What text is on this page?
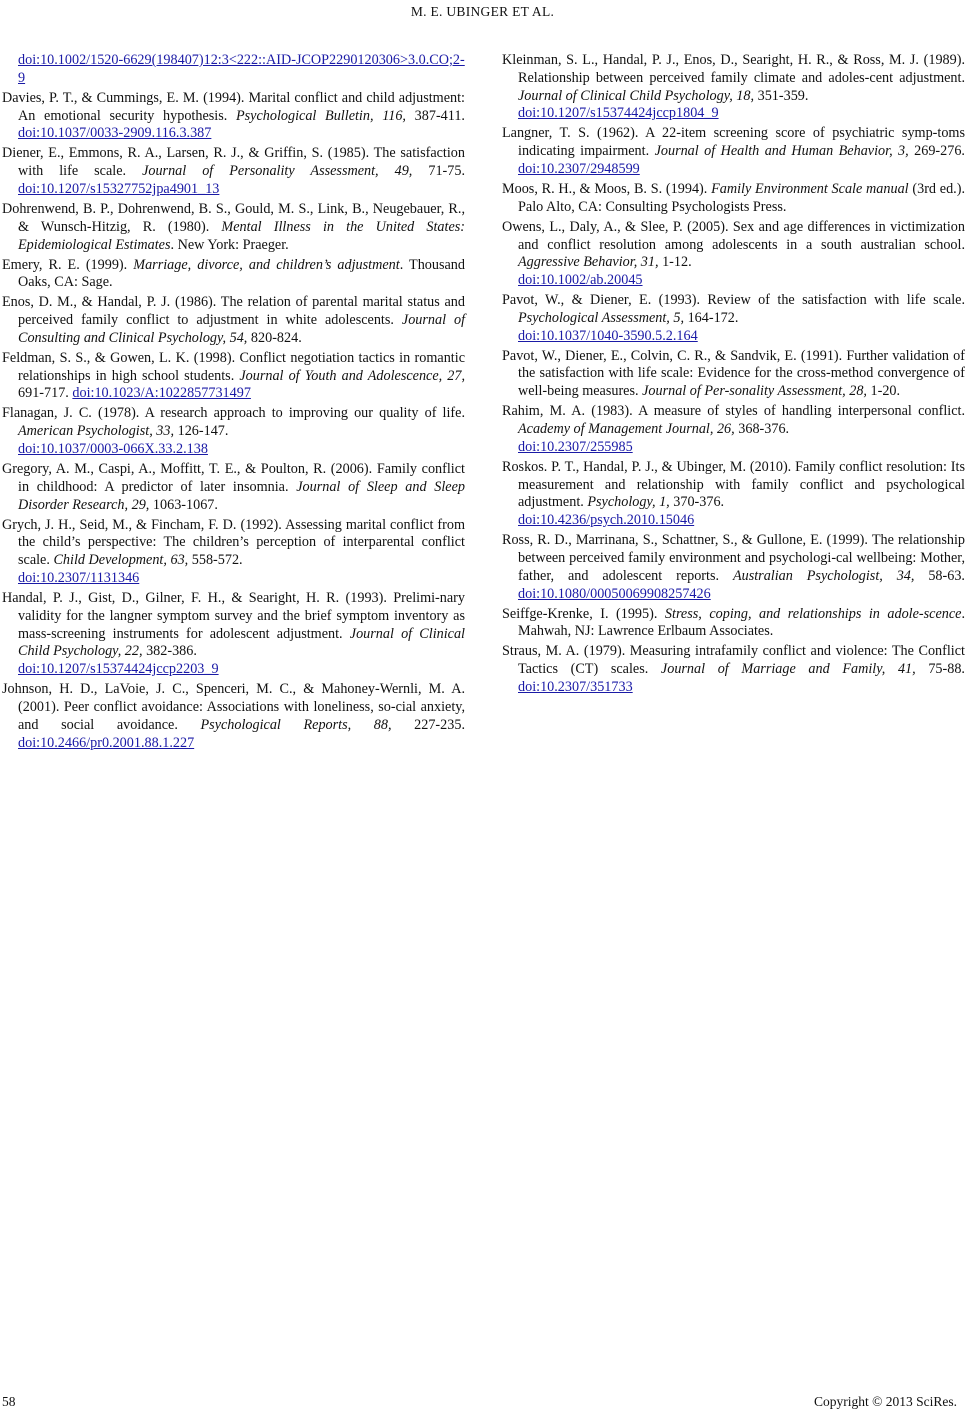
M. E. UBINGER ET AL.

doi:10.1002/1520-6629(198407)12:3<222::AID-JCOP2290120306>3.0.CO;2-9

Davies, P. T., & Cummings, E. M. (1994). Marital conflict and child adjustment: An emotional security hypothesis. Psychological Bulletin, 116, 387-411. doi:10.1037/0033-2909.116.3.387

Diener, E., Emmons, R. A., Larsen, R. J., & Griffin, S. (1985). The satisfaction with life scale. Journal of Personality Assessment, 49, 71-75. doi:10.1207/s15327752jpa4901_13

Dohrenwend, B. P., Dohrenwend, B. S., Gould, M. S., Link, B., Neugebauer, R., & Wunsch-Hitzig, R. (1980). Mental Illness in the United States: Epidemiological Estimates. New York: Praeger.

Emery, R. E. (1999). Marriage, divorce, and children’s adjustment. Thousand Oaks, CA: Sage.

Enos, D. M., & Handal, P. J. (1986). The relation of parental marital status and perceived family conflict to adjustment in white adolescents. Journal of Consulting and Clinical Psychology, 54, 820-824.

Feldman, S. S., & Gowen, L. K. (1998). Conflict negotiation tactics in romantic relationships in high school students. Journal of Youth and Adolescence, 27, 691-717. doi:10.1023/A:1022857731497

Flanagan, J. C. (1978). A research approach to improving our quality of life. American Psychologist, 33, 126-147.
doi:10.1037/0003-066X.33.2.138

Gregory, A. M., Caspi, A., Moffitt, T. E., & Poulton, R. (2006). Family conflict in childhood: A predictor of later insomnia. Journal of Sleep and Sleep Disorder Research, 29, 1063-1067.

Grych, J. H., Seid, M., & Fincham, F. D. (1992). Assessing marital conflict from the child’s perspective: The children’s perception of interparental conflict scale. Child Development, 63, 558-572.
doi:10.2307/1131346

Handal, P. J., Gist, D., Gilner, F. H., & Searight, H. R. (1993). Prelimi-nary validity for the langner symptom survey and the brief symptom inventory as mass-screening instruments for adolescent adjustment. Journal of Clinical Child Psychology, 22, 382-386.
doi:10.1207/s15374424jccp2203_9

Johnson, H. D., LaVoie, J. C., Spenceri, M. C., & Mahoney-Wernli, M. A. (2001). Peer conflict avoidance: Associations with loneliness, so-cial anxiety, and social avoidance. Psychological Reports, 88, 227-235. doi:10.2466/pr0.2001.88.1.227

Kleinman, S. L., Handal, P. J., Enos, D., Searight, H. R., & Ross, M. J. (1989). Relationship between perceived family climate and adoles-cent adjustment. Journal of Clinical Child Psychology, 18, 351-359.
doi:10.1207/s15374424jccp1804_9

Langner, T. S. (1962). A 22-item screening score of psychiatric symp-toms indicating impairment. Journal of Health and Human Behavior, 3, 269-276. doi:10.2307/2948599

Moos, R. H., & Moos, B. S. (1994). Family Environment Scale manual (3rd ed.). Palo Alto, CA: Consulting Psychologists Press.

Owens, L., Daly, A., & Slee, P. (2005). Sex and age differences in victimization and conflict resolution among adolescents in a south australian school. Aggressive Behavior, 31, 1-12.
doi:10.1002/ab.20045

Pavot, W., & Diener, E. (1993). Review of the satisfaction with life scale. Psychological Assessment, 5, 164-172.
doi:10.1037/1040-3590.5.2.164

Pavot, W., Diener, E., Colvin, C. R., & Sandvik, E. (1991). Further validation of the satisfaction with life scale: Evidence for the cross-method convergence of well-being measures. Journal of Per-sonality Assessment, 28, 1-20.

Rahim, M. A. (1983). A measure of styles of handling interpersonal conflict. Academy of Management Journal, 26, 368-376.
doi:10.2307/255985

Roskos. P. T., Handal, P. J., & Ubinger, M. (2010). Family conflict resolution: Its measurement and relationship with family conflict and psychological adjustment. Psychology, 1, 370-376.
doi:10.4236/psych.2010.15046

Ross, R. D., Marrinana, S., Schattner, S., & Gullone, E. (1999). The relationship between perceived family environment and psychologi-cal wellbeing: Mother, father, and adolescent reports. Australian Psychologist, 34, 58-63. doi:10.1080/00050069908257426

Seiffge-Krenke, I. (1995). Stress, coping, and relationships in adole-scence. Mahwah, NJ: Lawrence Erlbaum Associates.

Straus, M. A. (1979). Measuring intrafamily conflict and violence: The Conflict Tactics (CT) scales. Journal of Marriage and Family, 41, 75-88. doi:10.2307/351733

58	Copyright © 2013 SciRes.
